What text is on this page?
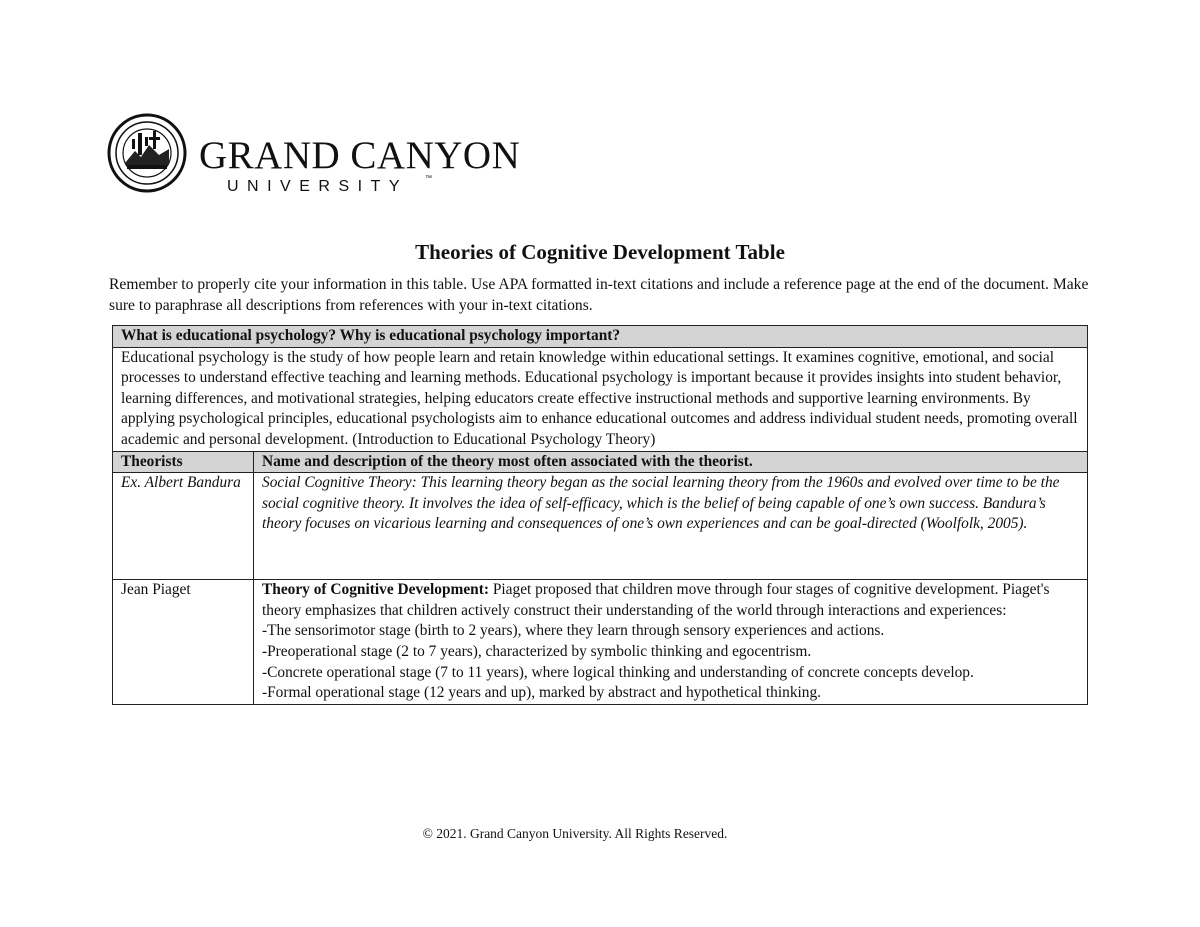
GRAND CANYON
UNIVERSITY ™
Theories of Cognitive Development Table
Remember to properly cite your information in this table. Use APA formatted in-text citations and include a reference page at the end of the document. Make sure to paraphrase all descriptions from references with your in-text citations.
What is educational psychology? Why is educational psychology important?	
Educational psychology is the study of how people learn and retain knowledge within educational settings. It examines cognitive, emotional, and social processes to understand effective teaching and learning methods. Educational psychology is important because it provides insights into student behavior, learning differences, and motivational strategies, helping educators create effective instructional methods and supportive learning environments. By applying psychological principles, educational psychologists aim to enhance educational outcomes and address individual student needs, promoting overall academic and personal development. (Introduction to Educational Psychology Theory)	
Theorists	Name and description of the theory most often associated with the theorist.
Ex. Albert Bandura	Social Cognitive Theory: This learning theory began as the social learning theory from the 1960s and evolved over time to be the social cognitive theory. It involves the idea of self-efficacy, which is the belief of being capable of one’s own success. Bandura’s theory focuses on vicarious learning and consequences of one’s own experiences and can be goal-directed (Woolfolk, 2005).
Jean Piaget	Theory of Cognitive Development: Piaget proposed that children move through four stages of cognitive development. Piaget's theory emphasizes that children actively construct their understanding of the world through interactions and experiences:
-The sensorimotor stage (birth to 2 years), where they learn through sensory experiences and actions.
-Preoperational stage (2 to 7 years), characterized by symbolic thinking and egocentrism.
-Concrete operational stage (7 to 11 years), where logical thinking and understanding of concrete concepts develop.
-Formal operational stage (12 years and up), marked by abstract and hypothetical thinking.
© 2021. Grand Canyon University. All Rights Reserved.
